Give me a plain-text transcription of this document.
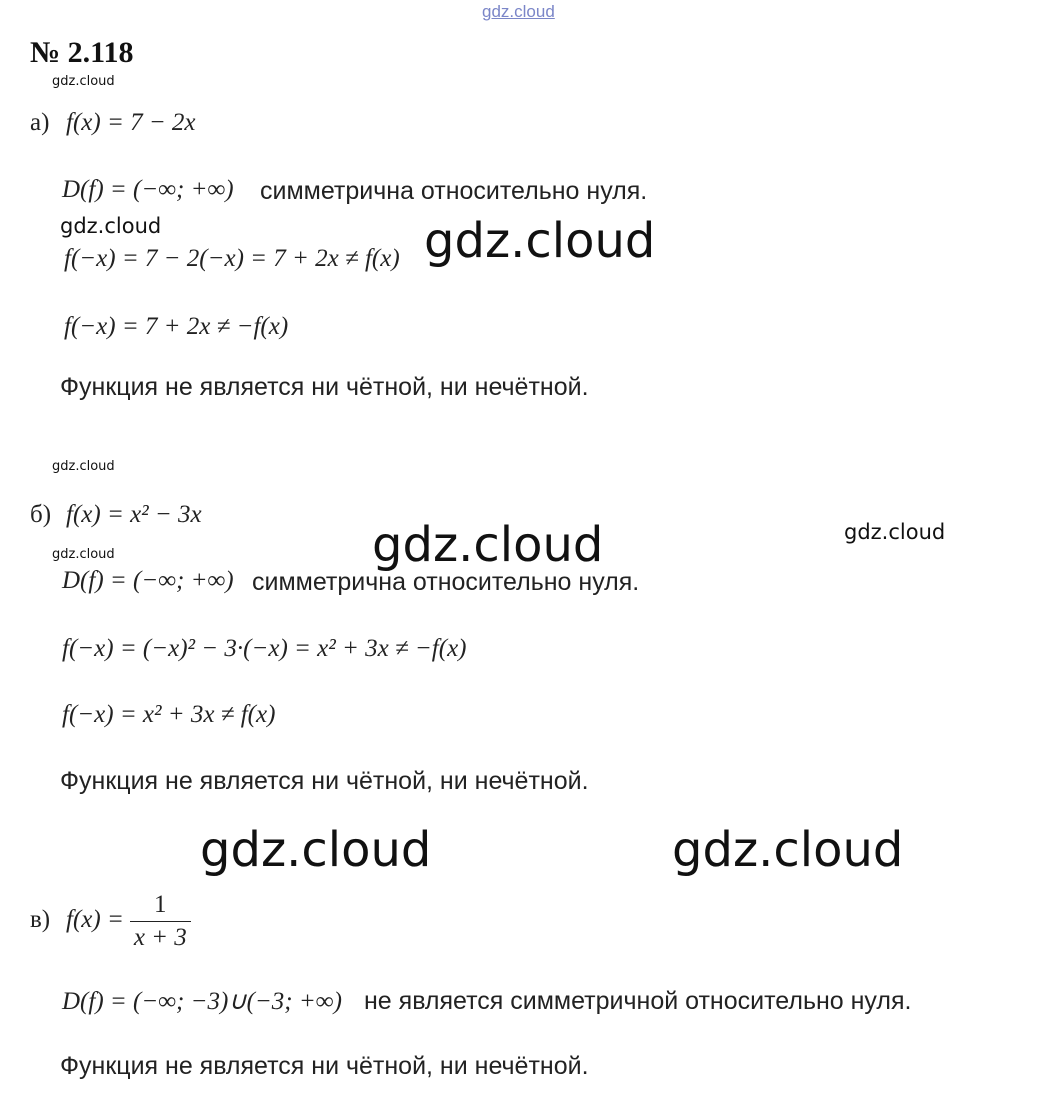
gdz.cloud
№ 2.118
gdz.cloud
а) f(x) = 7 − 2x
D(f) = (−∞; +∞) симметрична относительно нуля.
gdz.cloud
f(−x) = 7 − 2(−x) = 7 + 2x ≠ f(x) gdz.cloud
f(−x) = 7 + 2x ≠ −f(x)
Функция не является ни чётной, ни нечётной.
gdz.cloud
б) f(x) = x² − 3x
gdz.cloud	gdz.cloud
gdz.cloud
D(f) = (−∞; +∞) симметрична относительно нуля.
f(−x) = (−x)² − 3·(−x) = x² + 3x ≠ −f(x)
f(−x) = x² + 3x ≠ f(x)
Функция не является ни чётной, ни нечётной.
gdz.cloud	gdz.cloud
в) $f(x) = \frac{1}{x + 3}$
D(f) = (−∞; −3)∪(−3; +∞) не является симметричной относительно нуля.
Функция не является ни чётной, ни нечётной.
